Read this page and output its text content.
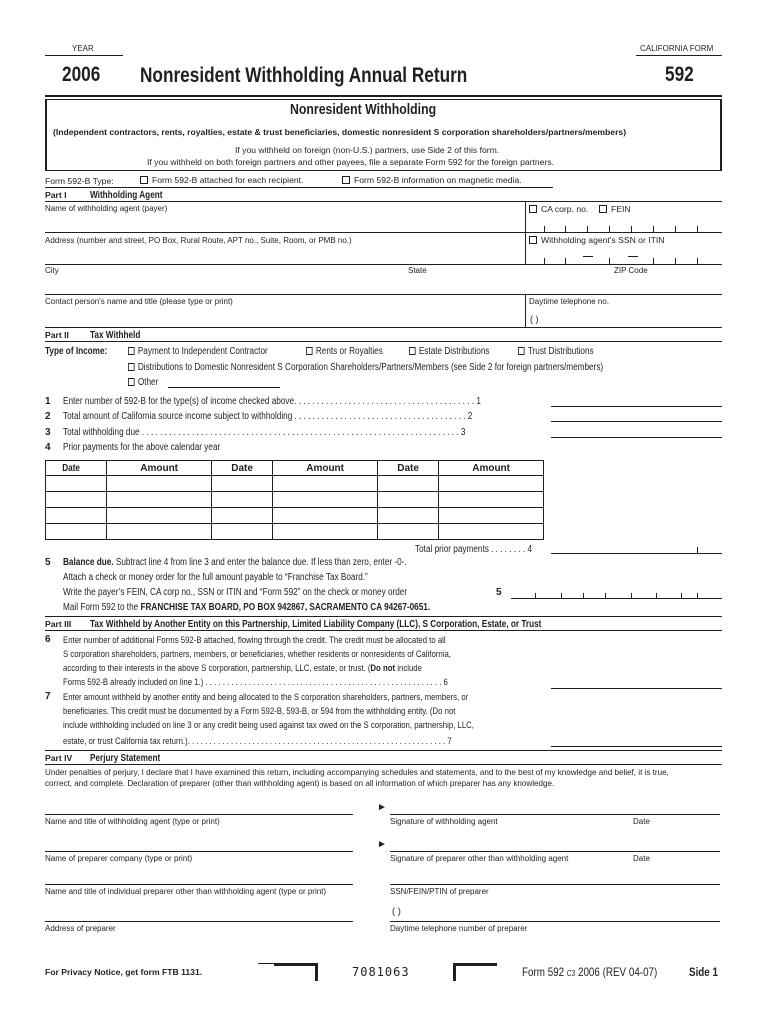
YEAR	CALIFORNIA FORM
2006 Nonresident Withholding Annual Return	592
Nonresident Withholding
(Independent contractors, rents, royalties, estate & trust beneficiaries, domestic nonresident S corporation shareholders/partners/members)
If you withheld on foreign (non-U.S.) partners, use Side 2 of this form.
If you withheld on both foreign partners and other payees, file a separate Form 592 for the foreign partners.
Form 592-B Type:	Form 592-B attached for each recipient.	Form 592-B information on magnetic media.
Part I Withholding Agent
Name of withholding agent (payer)	CA corp. no.	FEIN
Address (number and street, PO Box, Rural Route, APT no., Suite, Room, or PMB no.)	Withholding agent's SSN or ITIN
City	State	ZIP Code
Contact person's name and title (please type or print)	Daytime telephone no.
( )
Part II Tax Withheld
Type of Income:	Payment to Independent Contractor	Rents or Royalties	Estate Distributions	Trust Distributions
Distributions to Domestic Nonresident S Corporation Shareholders/Partners/Members (see Side 2 for foreign partners/members)
Other
1 Enter number of 592-B for the type(s) of income checked above. . . . . . . . . . . . . . . . . . . . . . . . . . . . . . . . . . . . . . . . 1
2 Total amount of California source income subject to withholding . . . . . . . . . . . . . . . . . . . . . . . . . . . . . . . . . . . . . . 2
3 Total withholding due . . . . . . . . . . . . . . . . . . . . . . . . . . . . . . . . . . . . . . . . . . . . . . . . . . . . . . . . . . . . . . . . . . . . . . 3
4 Prior payments for the above calendar year
Date	Amount	Date	Amount	Date	Amount

Total prior payments . . . . . . . . 4
5 Balance due. Subtract line 4 from line 3 and enter the balance due. If less than zero, enter -0-.
Attach a check or money order for the full amount payable to “Franchise Tax Board.”
Write the payer’s FEIN, CA corp no., SSN or ITIN and “Form 592” on the check or money order	5
Mail Form 592 to the FRANCHISE TAX BOARD, PO BOX 942867, SACRAMENTO CA 94267-0651.
Part III Tax Withheld by Another Entity on this Partnership, Limited Liability Company (LLC), S Corporation, Estate, or Trust
6 Enter number of additional Forms 592-B attached, flowing through the credit. The credit must be allocated to all
S corporation shareholders, partners, members, or beneficiaries, whether residents or nonresidents of California,
according to their interests in the above S corporation, partnership, LLC, estate, or trust. (Do not include
Forms 592-B already included on line 1.) . . . . . . . . . . . . . . . . . . . . . . . . . . . . . . . . . . . . . . . . . . . . . . . . . . . . . . . 6
7 Enter amount withheld by another entity and being allocated to the S corporation shareholders, partners, members, or
beneficiaries. This credit must be documented by a Form 592-B, 593-B, or 594 from the withholding entity. (Do not
include withholding included on line 3 or any credit being used against tax owed on the S corporation, partnership, LLC,
estate, or trust California tax return.). . . . . . . . . . . . . . . . . . . . . . . . . . . . . . . . . . . . . . . . . . . . . . . . . . . . . . . . . . . . 7
Part IV Perjury Statement
Under penalties of perjury, I declare that I have examined this return, including accompanying schedules and statements, and to the best of my knowledge and belief, it is true,
correct, and complete. Declaration of preparer (other than withholding agent) is based on all information of which preparer has any knowledge.
►
Name and title of withholding agent (type or print)	Signature of withholding agent	Date
►
Name of preparer company (type or print)	Signature of preparer other than withholding agent	Date
Name and title of individual preparer other than withholding agent (type or print)	SSN/FEIN/PTIN of preparer
( )
Address of preparer	Daytime telephone number of preparer
For Privacy Notice, get form FTB 1131.	7081063	Form 592 C3 2006 (REV 04-07)	Side 1
